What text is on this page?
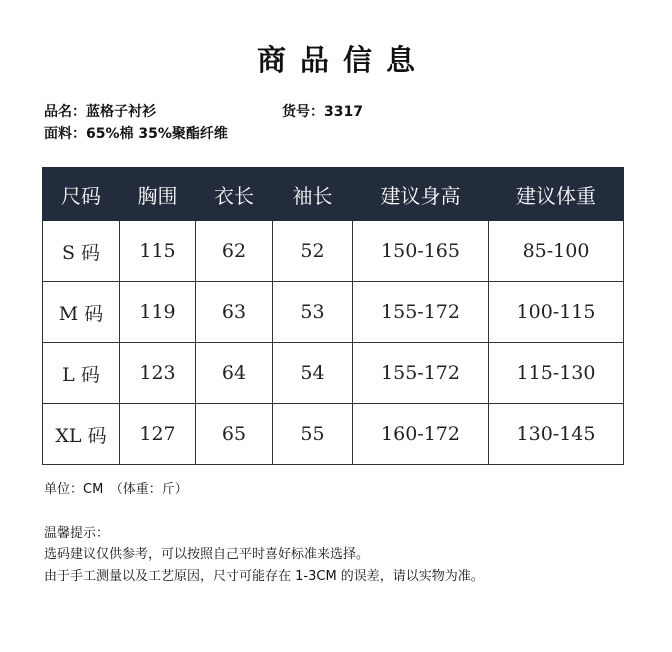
商品信息
品名：蓝格子衬衫	货号：3317
面料：65%棉 35%聚酯纤维
尺码	胸围	衣长	袖长	建议身高	建议体重
S 码	115	62	52	150-165	85-100
M 码	119	63	53	155-172	100-115
L 码	123	64	54	155-172	115-130
XL 码	127	65	55	160-172	130-145
单位：CM　（体重：斤）
温馨提示：
选码建议仅供参考，可以按照自己平时喜好标准来选择。
由于手工测量以及工艺原因，尺寸可能存在 1-3CM 的误差，请以实物为准。
